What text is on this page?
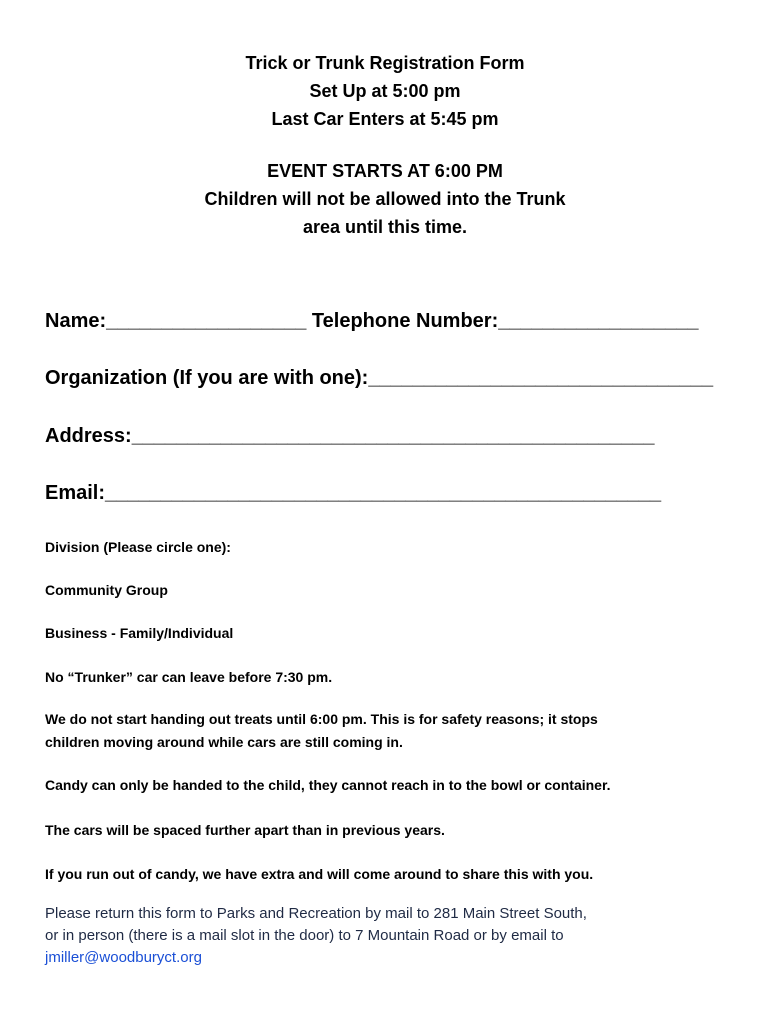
Trick or Trunk Registration Form
Set Up at 5:00 pm
Last Car Enters at 5:45 pm
EVENT STARTS AT 6:00 PM
Children will not be allowed into the Trunk
area until this time.
Name:__________________ Telephone Number:__________________
Organization (If you are with one):_______________________________
Address:_______________________________________________
Email:__________________________________________________
Division (Please circle one):
Community Group
Business - Family/Individual
No “Trunker” car can leave before 7:30 pm.
We do not start handing out treats until 6:00 pm. This is for safety reasons; it stops
children moving around while cars are still coming in.
Candy can only be handed to the child, they cannot reach in to the bowl or container.
The cars will be spaced further apart than in previous years.
If you run out of candy, we have extra and will come around to share this with you.
Please return this form to Parks and Recreation by mail to 281 Main Street South,
or in person (there is a mail slot in the door) to 7 Mountain Road or by email to
jmiller@woodburyct.org
